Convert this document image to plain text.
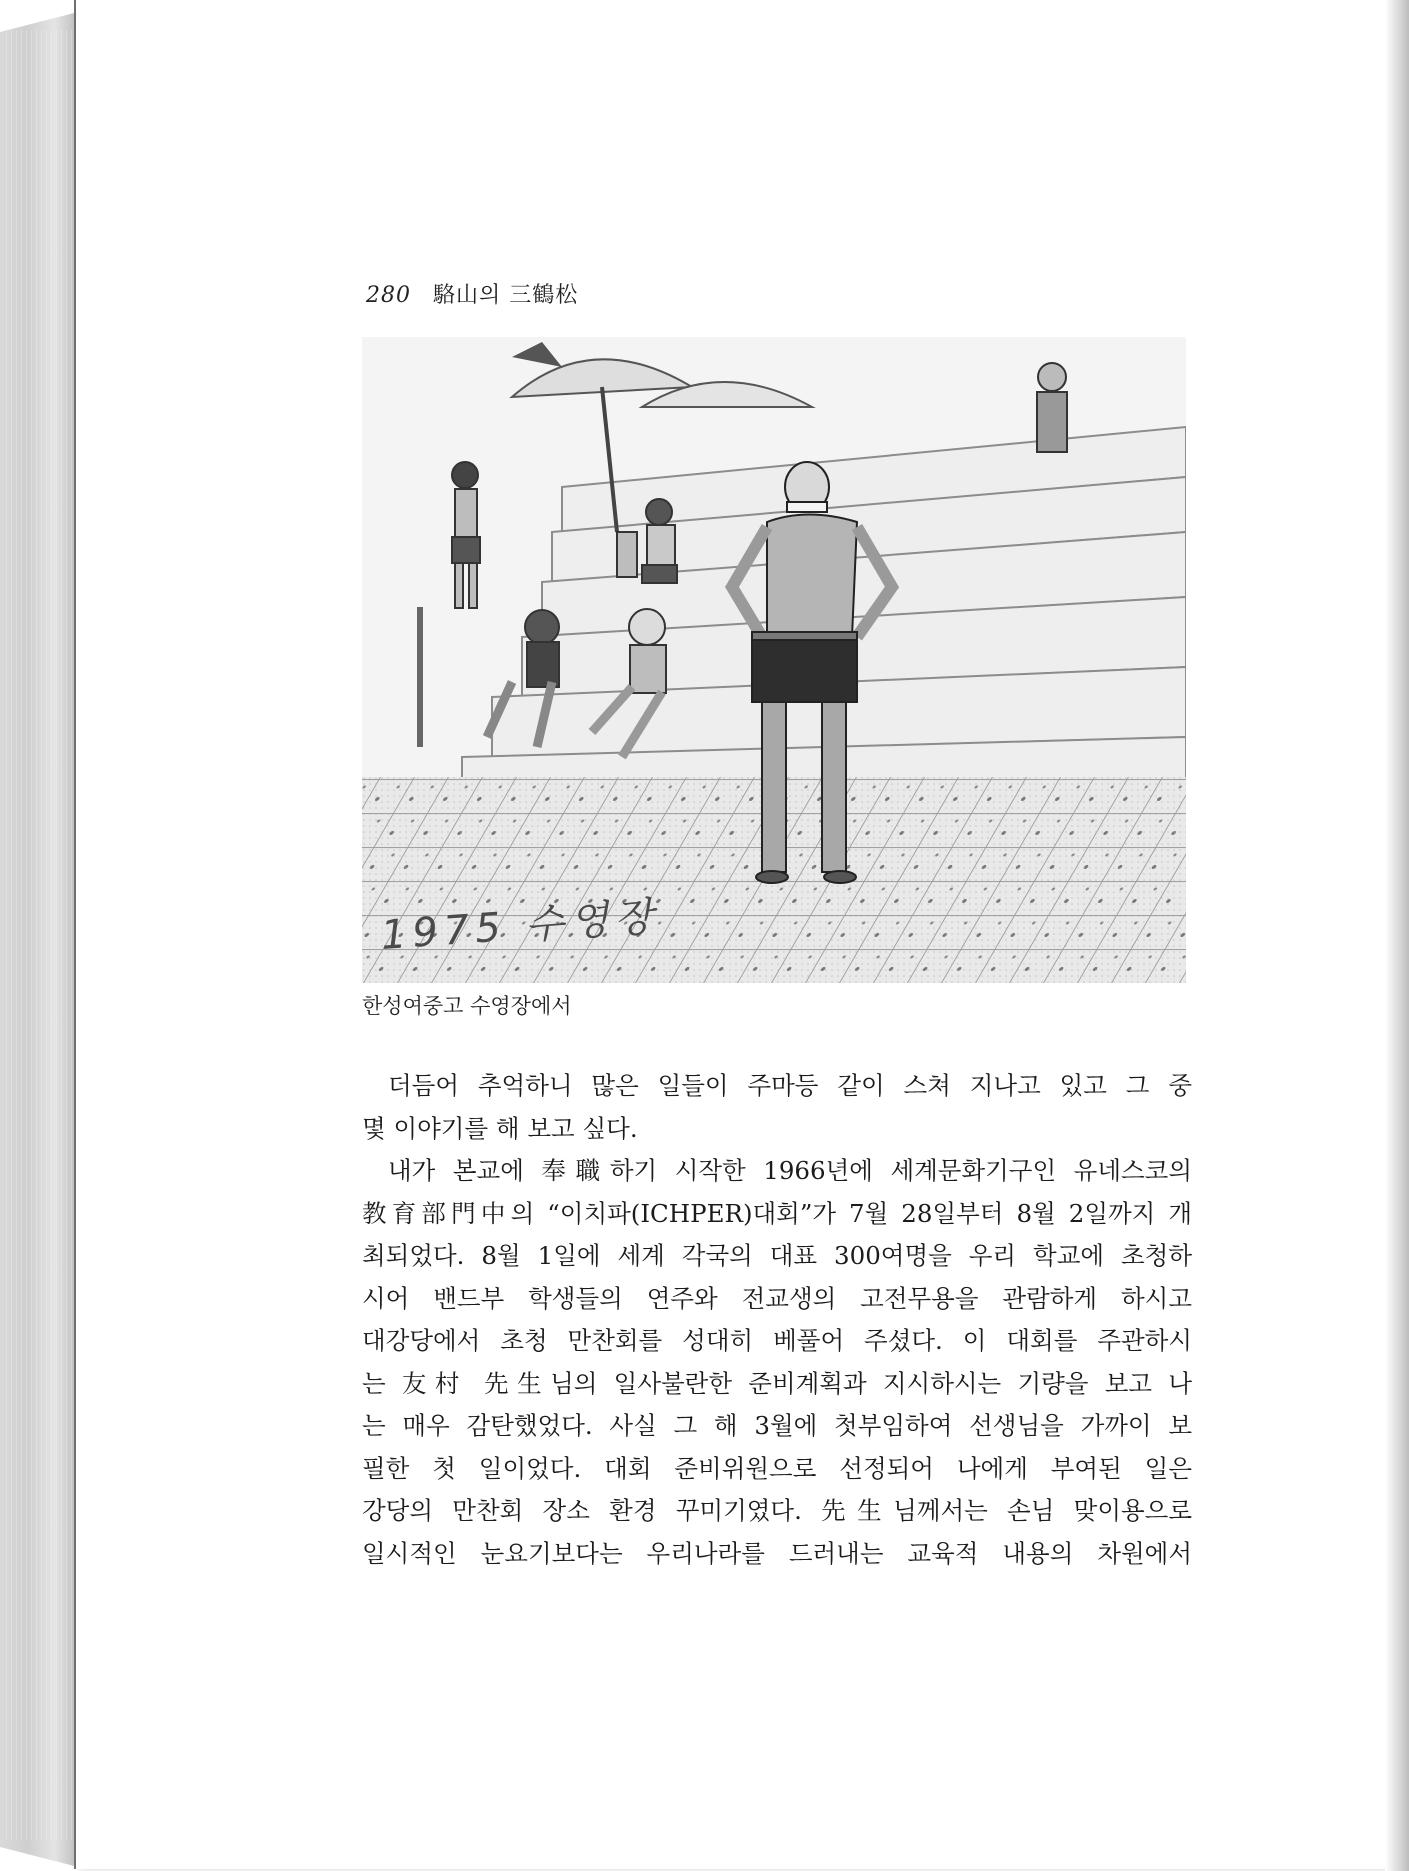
280 駱山의 三鶴松
1975 수영장
한성여중고 수영장에서
더듬어 추억하니 많은 일들이 주마등 같이 스쳐 지나고 있고 그 중
몇 이야기를 해 보고 싶다.
내가 본교에 奉職하기 시작한 1966년에 세계문화기구인 유네스코의
教育部門中의 “이치파(ICHPER)대회”가 7월 28일부터 8월 2일까지 개
최되었다. 8월 1일에 세계 각국의 대표 300여명을 우리 학교에 초청하
시어 밴드부 학생들의 연주와 전교생의 고전무용을 관람하게 하시고
대강당에서 초청 만찬회를 성대히 베풀어 주셨다. 이 대회를 주관하시
는 友村 先生님의 일사불란한 준비계획과 지시하시는 기량을 보고 나
는 매우 감탄했었다. 사실 그 해 3월에 첫부임하여 선생님을 가까이 보
필한 첫 일이었다. 대회 준비위원으로 선정되어 나에게 부여된 일은
강당의 만찬회 장소 환경 꾸미기였다. 先生님께서는 손님 맞이용으로
일시적인 눈요기보다는 우리나라를 드러내는 교육적 내용의 차원에서
